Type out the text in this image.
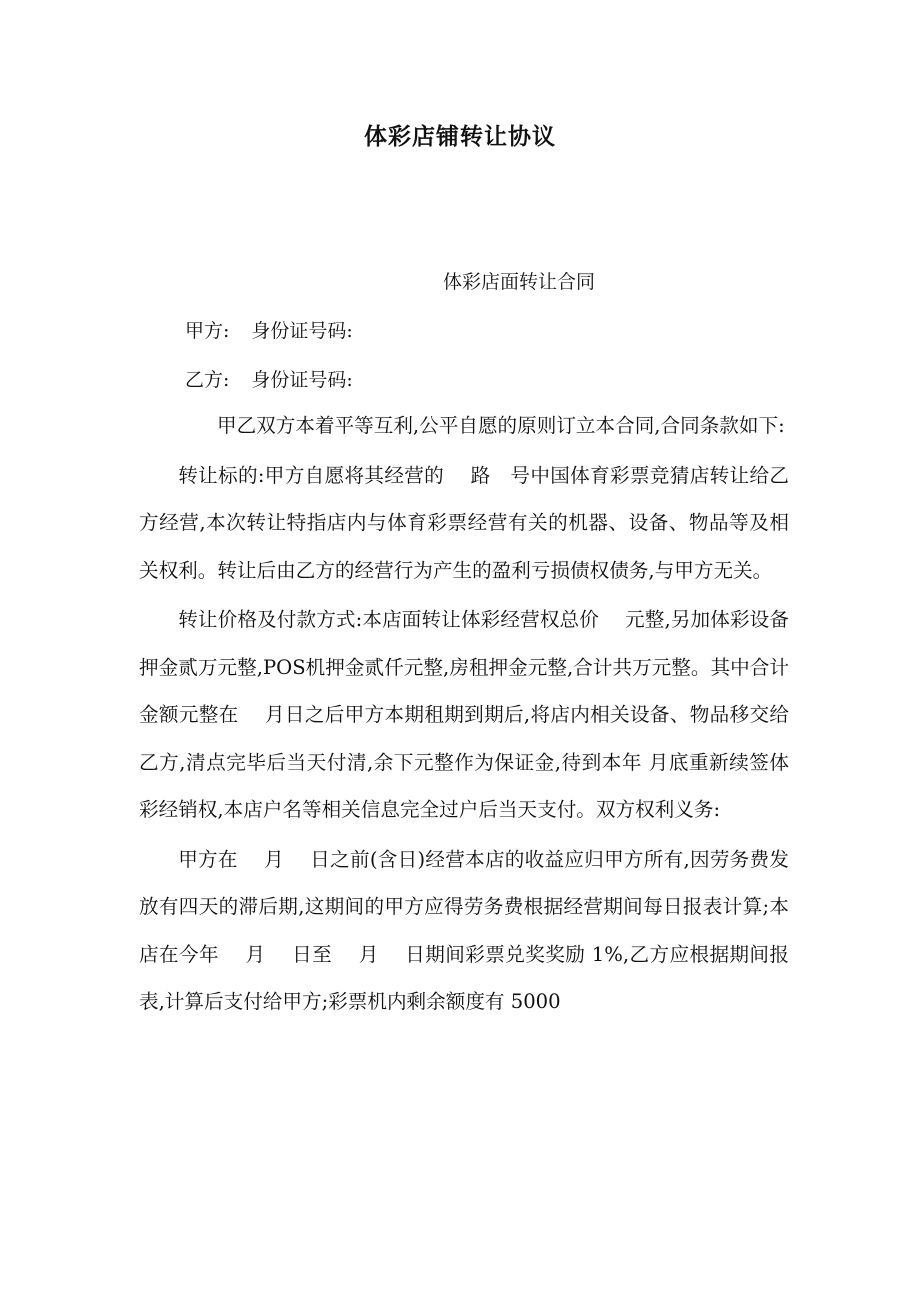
体彩店铺转让协议

体彩店面转让合同

甲方: 身份证号码:

乙方: 身份证号码:

甲乙双方本着平等互利,公平自愿的原则订立本合同,合同条款如下:

转让标的:甲方自愿将其经营的　 路　号中国体育彩票竞猜店转让给乙方经营,本次转让特指店内与体育彩票经营有关的机器、设备、物品等及相关权利。转让后由乙方的经营行为产生的盈利亏损债权债务,与甲方无关。

转让价格及付款方式:本店面转让体彩经营权总价　 元整,另加体彩设备押金贰万元整,POS机押金贰仟元整,房租押金元整,合计共万元整。其中合计金额元整在　 月日之后甲方本期租期到期后,将店内相关设备、物品移交给乙方,清点完毕后当天付清,余下元整作为保证金,待到本年 月底重新续签体彩经销权,本店户名等相关信息完全过户后当天支付。双方权利义务:

甲方在　 月　 日之前(含日)经营本店的收益应归甲方所有,因劳务费发放有四天的滞后期,这期间的甲方应得劳务费根据经营期间每日报表计算;本店在今年　 月　 日至　 月　 日期间彩票兑奖奖励 1%,乙方应根据期间报表,计算后支付给甲方;彩票机内剩余额度有 5000
